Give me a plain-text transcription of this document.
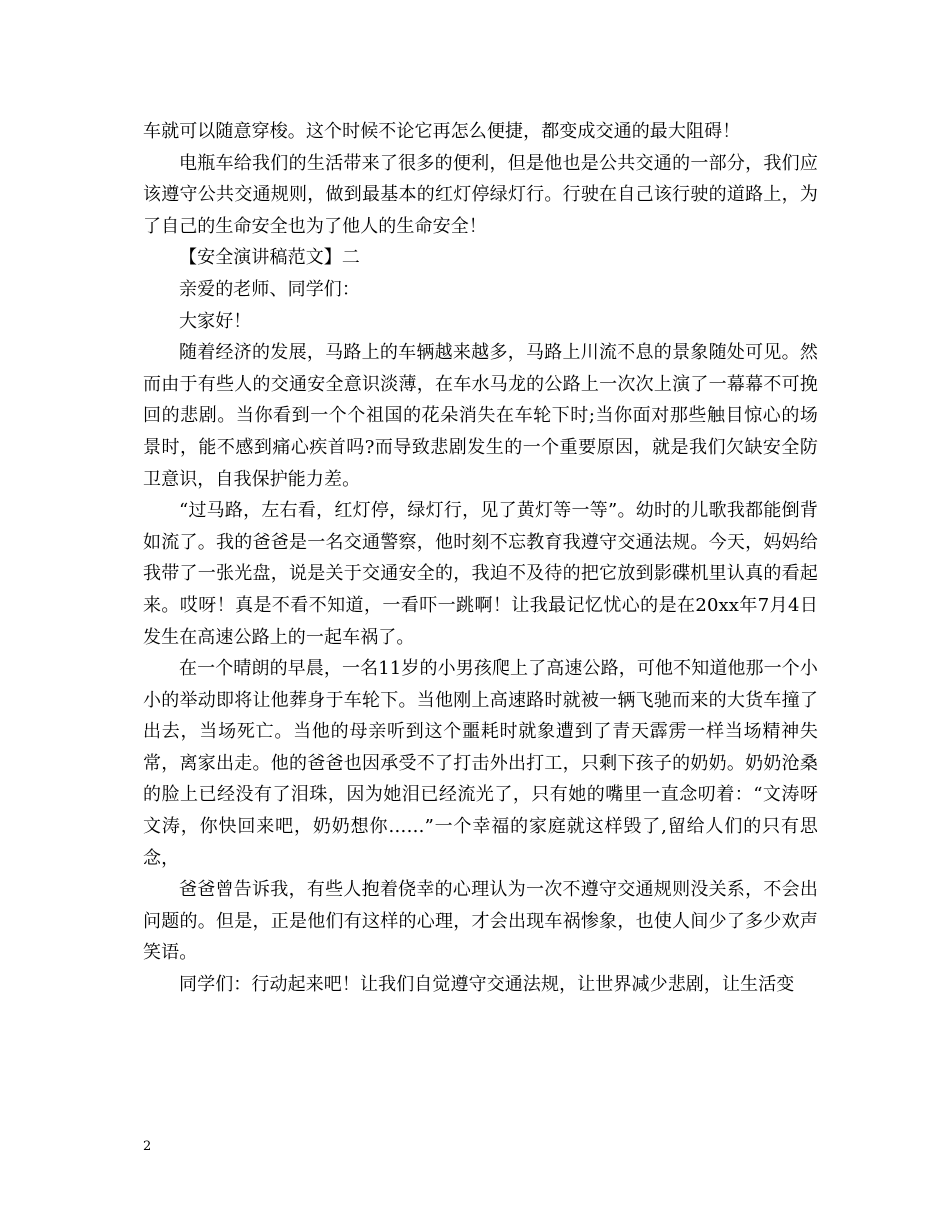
车就可以随意穿梭。这个时候不论它再怎么便捷，都变成交通的最大阻碍！

电瓶车给我们的生活带来了很多的便利，但是他也是公共交通的一部分，我们应该遵守公共交通规则，做到最基本的红灯停绿灯行。行驶在自己该行驶的道路上，为了自己的生命安全也为了他人的生命安全！

【安全演讲稿范文】二

亲爱的老师、同学们：

大家好！

随着经济的发展，马路上的车辆越来越多，马路上川流不息的景象随处可见。然而由于有些人的交通安全意识淡薄，在车水马龙的公路上一次次上演了一幕幕不可挽回的悲剧。当你看到一个个祖国的花朵消失在车轮下时;当你面对那些触目惊心的场景时，能不感到痛心疾首吗?而导致悲剧发生的一个重要原因，就是我们欠缺安全防卫意识，自我保护能力差。

“过马路，左右看，红灯停，绿灯行，见了黄灯等一等”。幼时的儿歌我都能倒背如流了。我的爸爸是一名交通警察，他时刻不忘教育我遵守交通法规。今天，妈妈给我带了一张光盘，说是关于交通安全的，我迫不及待的把它放到影碟机里认真的看起来。哎呀！真是不看不知道，一看吓一跳啊！让我最记忆忧心的是在20xx年7月4日发生在高速公路上的一起车祸了。

在一个晴朗的早晨，一名11岁的小男孩爬上了高速公路，可他不知道他那一个小小的举动即将让他葬身于车轮下。当他刚上高速路时就被一辆飞驰而来的大货车撞了出去，当场死亡。当他的母亲听到这个噩耗时就象遭到了青天霹雳一样当场精神失常，离家出走。他的爸爸也因承受不了打击外出打工，只剩下孩子的奶奶。奶奶沧桑的脸上已经没有了泪珠，因为她泪已经流光了，只有她的嘴里一直念叨着：“文涛呀文涛，你快回来吧，奶奶想你……”一个幸福的家庭就这样毁了,留给人们的只有思念，

爸爸曾告诉我，有些人抱着侥幸的心理认为一次不遵守交通规则没关系，不会出问题的。但是，正是他们有这样的心理，才会出现车祸惨象，也使人间少了多少欢声笑语。

同学们：行动起来吧！让我们自觉遵守交通法规，让世界减少悲剧，让生活变

2
